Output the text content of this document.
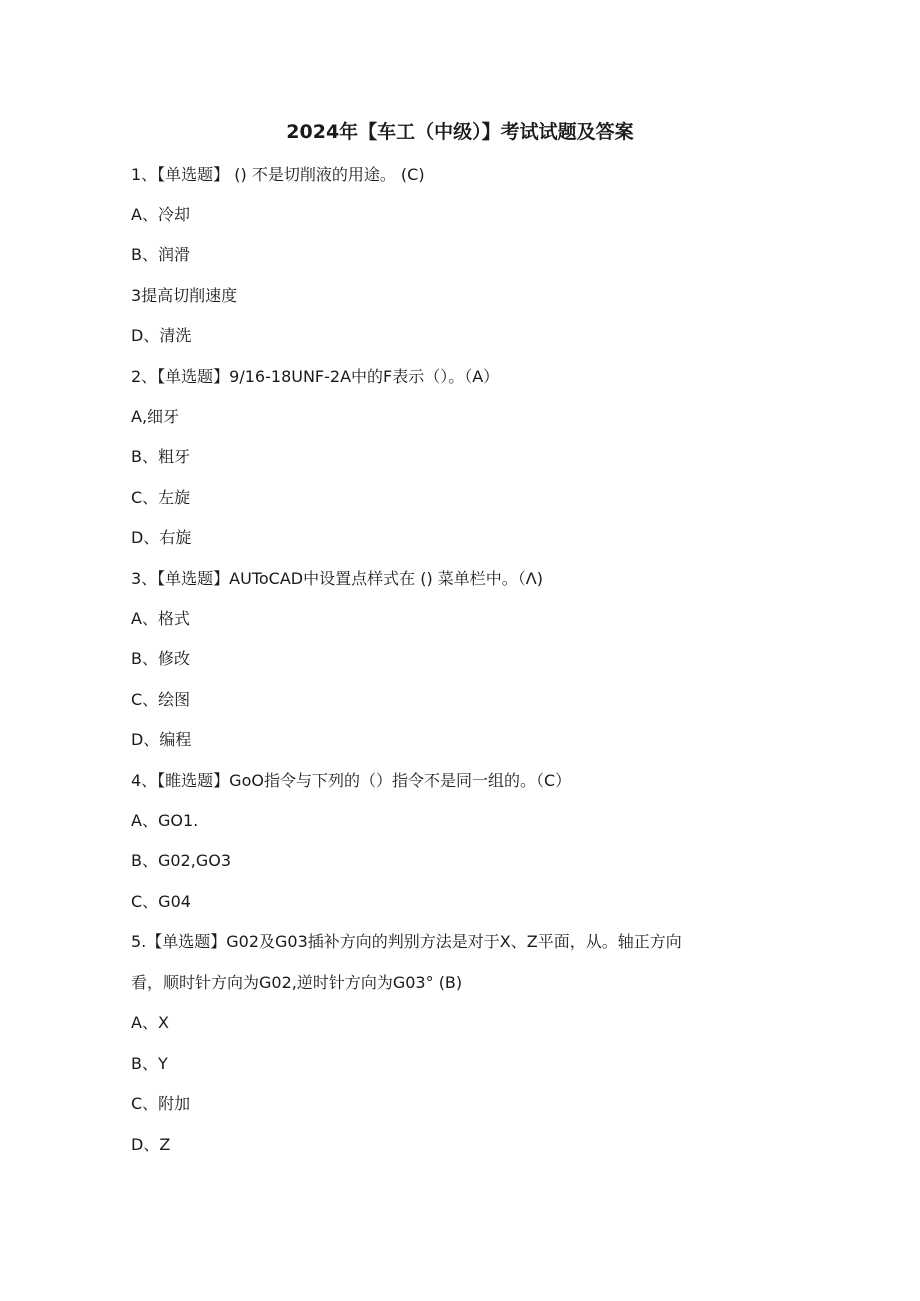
2024年【车工（中级）】考试试题及答案
1、【单选题】 () 不是切削液的用途。 (C)
A、冷却
B、润滑
3提高切削速度
D、清洗
2、【单选题】9/16-18UNF-2A中的F表示（）。（A）
A,细牙
B、粗牙
C、左旋
D、右旋
3、【单选题】AUToCAD中设置点样式在 () 菜单栏中。（Λ)
A、格式
B、修改
C、绘图
D、编程
4、【睢选题】GoO指令与下列的（）指令不是同一组的。（C）
A、GO1.
B、G02,GO3
C、G04
5.【单选题】G02及G03插补方向的判别方法是对于X、Z平面，从。轴正方向
看，顺时针方向为G02,逆时针方向为G03° (B)
A、X
B、Y
C、附加
D、Z
